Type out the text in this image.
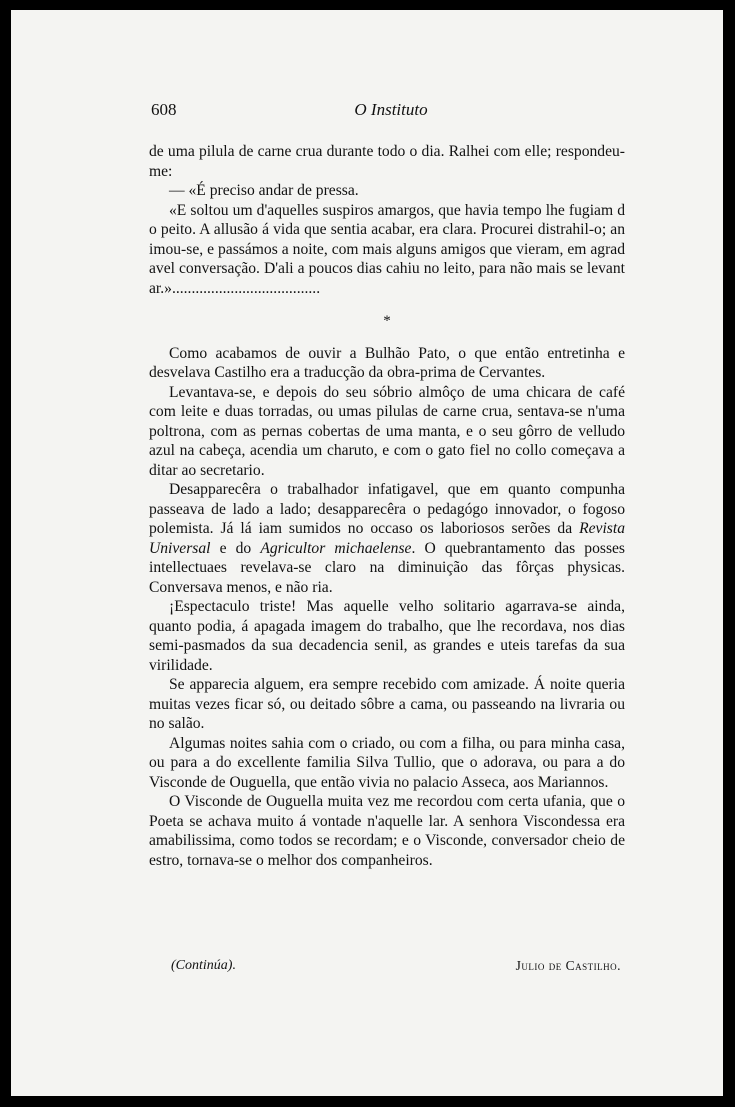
608	O Instituto

de uma pilula de carne crua durante todo o dia. Ralhei com elle; respondeu-me:

— «É preciso andar de pressa.

«E soltou um d'aquelles suspiros amargos, que havia tempo lhe fugiam do peito. A allusão á vida que sentia acabar, era clara. Procurei distrahil-o; animou-se, e passámos a noite, com mais alguns amigos que vieram, em agradavel conversação. D'ali a poucos dias cahiu no leito, para não mais se levantar.»......................................

*

Como acabamos de ouvir a Bulhão Pato, o que então entretinha e desvelava Castilho era a traducção da obra-prima de Cervantes.

Levantava-se, e depois do seu sóbrio almôço de uma chicara de café com leite e duas torradas, ou umas pilulas de carne crua, sentava-se n'uma poltrona, com as pernas cobertas de uma manta, e o seu gôrro de velludo azul na cabeça, acendia um charuto, e com o gato fiel no collo começava a ditar ao secretario.

Desapparecêra o trabalhador infatigavel, que em quanto compunha passeava de lado a lado; desapparecêra o pedagógo innovador, o fogoso polemista. Já lá iam sumidos no occaso os laboriosos serões da Revista Universal e do Agricultor michaelense. O quebrantamento das posses intellectuaes revelava-se claro na diminuição das fôrças physicas. Conversava menos, e não ria.

¡Espectaculo triste! Mas aquelle velho solitario agarrava-se ainda, quanto podia, á apagada imagem do trabalho, que lhe recordava, nos dias semi-pasmados da sua decadencia senil, as grandes e uteis tarefas da sua virilidade.

Se apparecia alguem, era sempre recebido com amizade. Á noite queria muitas vezes ficar só, ou deitado sôbre a cama, ou passeando na livraria ou no salão.

Algumas noites sahia com o criado, ou com a filha, ou para minha casa, ou para a do excellente familia Silva Tullio, que o adorava, ou para a do Visconde de Ouguella, que então vivia no palacio Asseca, aos Mariannos.

O Visconde de Ouguella muita vez me recordou com certa ufania, que o Poeta se achava muito á vontade n'aquelle lar. A senhora Viscondessa era amabilissima, como todos se recordam; e o Visconde, conversador cheio de estro, tornava-se o melhor dos companheiros.

(Continúa).	Julio de Castilho.
